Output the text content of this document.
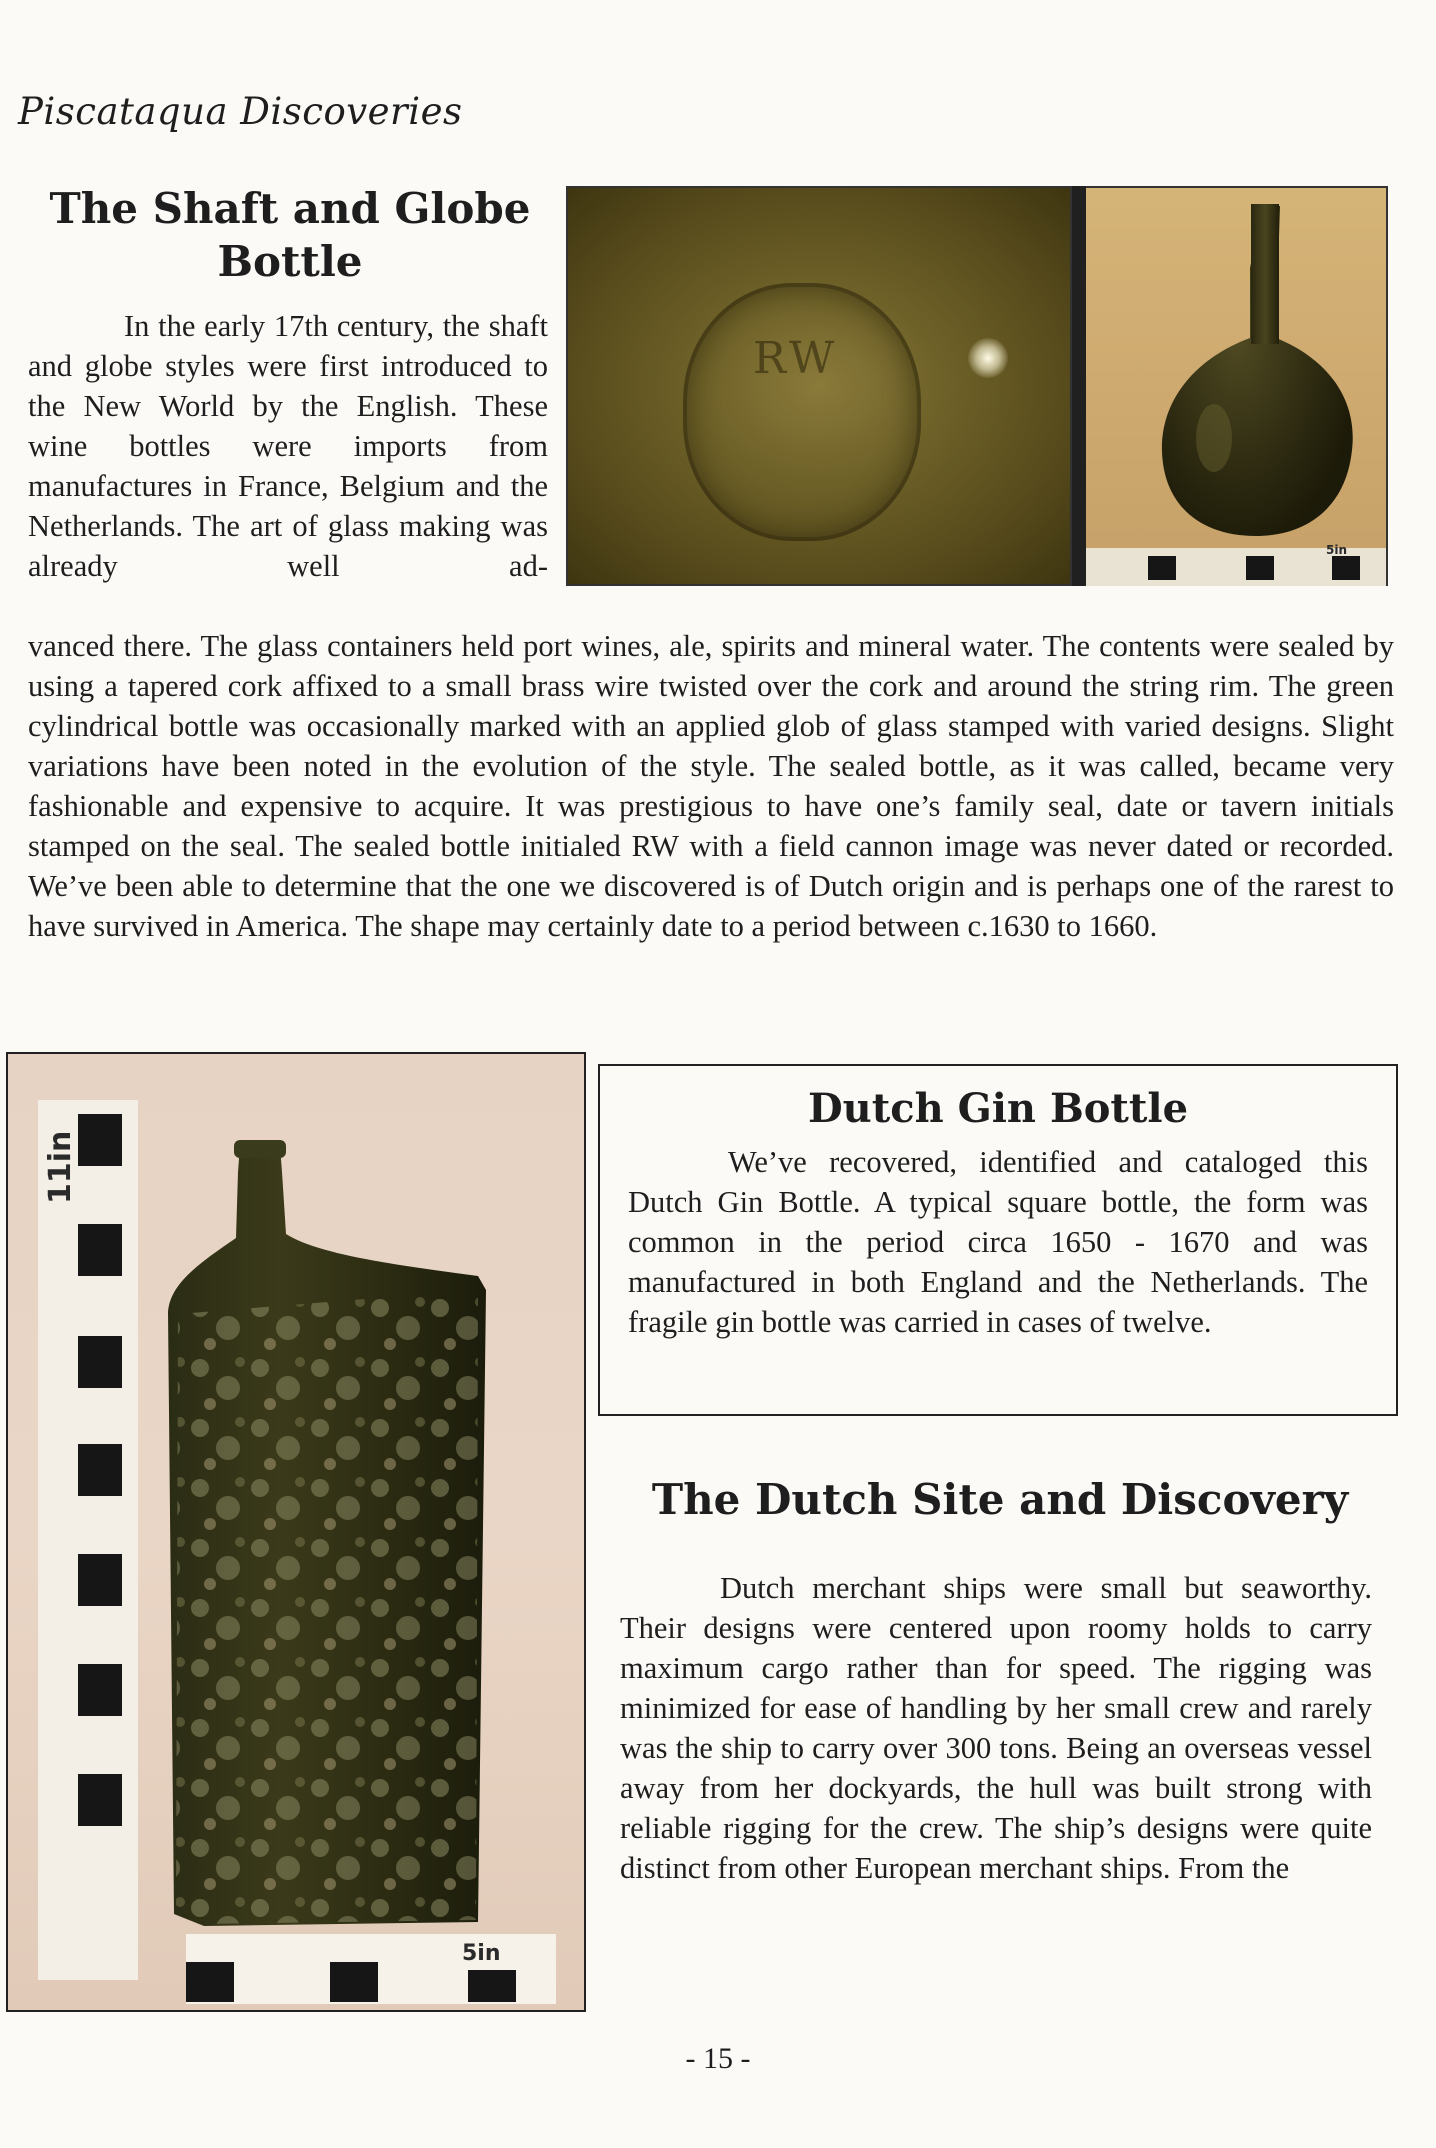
Piscataqua Discoveries
The Shaft and Globe Bottle

In the early 17th century, the shaft and globe styles were first introduced to the New World by the English. These wine bottles were imports from manufactures in France, Belgium and the Netherlands. The art of glass making was already well ad-

RW
5in

vanced there. The glass containers held port wines, ale, spirits and mineral water. The contents were sealed by using a tapered cork affixed to a small brass wire twisted over the cork and around the string rim. The green cylindrical bottle was occasionally marked with an applied glob of glass stamped with varied designs. Slight variations have been noted in the evolution of the style. The sealed bottle, as it was called, became very fashionable and expensive to acquire. It was prestigious to have one’s family seal, date or tavern initials stamped on the seal. The sealed bottle initialed RW with a field cannon image was never dated or recorded. We’ve been able to determine that the one we discovered is of Dutch origin and is perhaps one of the rarest to have survived in America. The shape may certainly date to a period between c.1630 to 1660.

11in
5in
Dutch Gin Bottle

We’ve recovered, identified and cataloged this Dutch Gin Bottle. A typical square bottle, the form was common in the period circa 1650 - 1670 and was manufactured in both England and the Netherlands. The fragile gin bottle was carried in cases of twelve.

The Dutch Site and Discovery

Dutch merchant ships were small but seaworthy. Their designs were centered upon roomy holds to carry maximum cargo rather than for speed. The rigging was minimized for ease of handling by her small crew and rarely was the ship to carry over 300 tons. Being an overseas vessel away from her dockyards, the hull was built strong with reliable rigging for the crew. The ship’s designs were quite distinct from other European merchant ships. From the

- 15 -
